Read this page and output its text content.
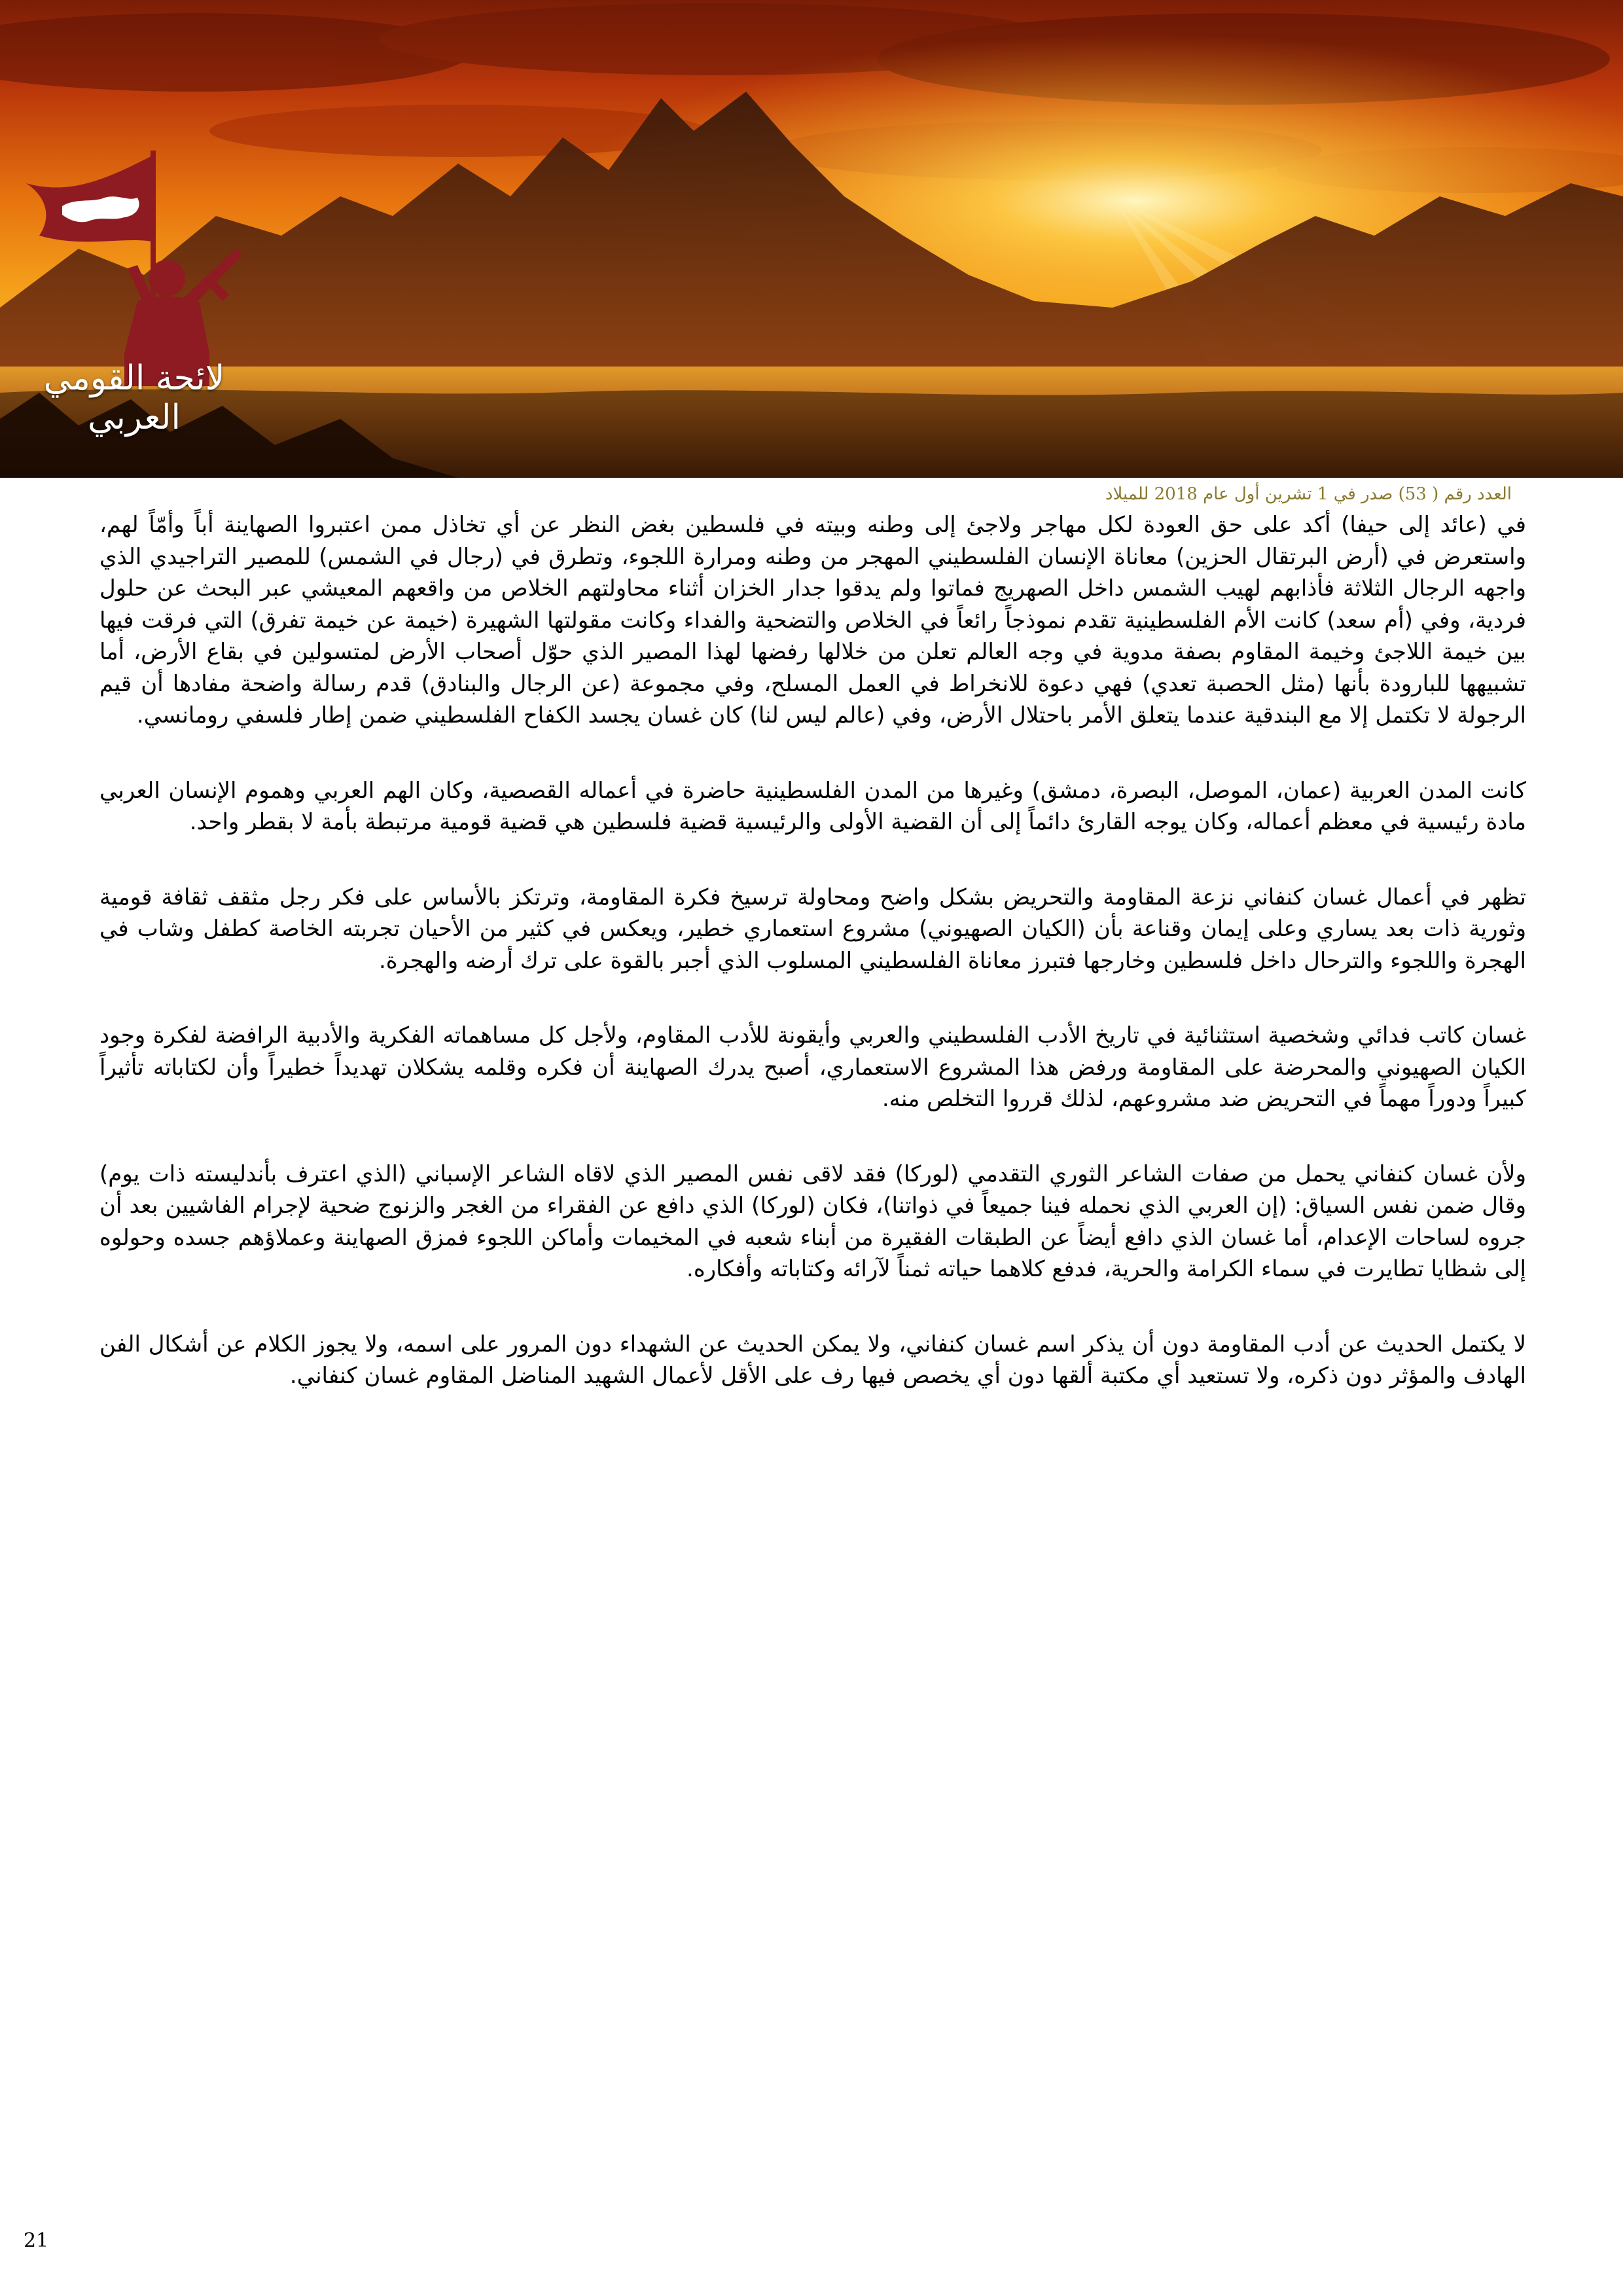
لائحة القومي العربي
العدد رقم ( 53) صدر في 1 تشرين أول عام 2018 للميلاد

في (عائد إلى حيفا) أكد على حق العودة لكل مهاجر ولاجئ إلى وطنه وبيته في فلسطين بغض النظر عن أي تخاذل ممن اعتبروا الصهاينة أباً وأمّاً لهم، واستعرض في (أرض البرتقال الحزين) معاناة الإنسان الفلسطيني المهجر من وطنه ومرارة اللجوء، وتطرق في (رجال في الشمس) للمصير التراجيدي الذي واجهه الرجال الثلاثة فأذابهم لهيب الشمس داخل الصهريج فماتوا ولم يدقوا جدار الخزان أثناء محاولتهم الخلاص من واقعهم المعيشي عبر البحث عن حلول فردية، وفي (أم سعد) كانت الأم الفلسطينية تقدم نموذجاً رائعاً في الخلاص والتضحية والفداء وكانت مقولتها الشهيرة (خيمة عن خيمة تفرق) التي فرقت فيها بين خيمة اللاجئ وخيمة المقاوم بصفة مدوية في وجه العالم تعلن من خلالها رفضها لهذا المصير الذي حوّل أصحاب الأرض لمتسولين في بقاع الأرض، أما تشبيهها للبارودة بأنها (مثل الحصبة تعدي) فهي دعوة للانخراط في العمل المسلح، وفي مجموعة (عن الرجال والبنادق) قدم رسالة واضحة مفادها أن قيم الرجولة لا تكتمل إلا مع البندقية عندما يتعلق الأمر باحتلال الأرض، وفي (عالم ليس لنا) كان غسان يجسد الكفاح الفلسطيني ضمن إطار فلسفي رومانسي.

كانت المدن العربية (عمان، الموصل، البصرة، دمشق) وغيرها من المدن الفلسطينية حاضرة في أعماله القصصية، وكان الهم العربي وهموم الإنسان العربي مادة رئيسية في معظم أعماله، وكان يوجه القارئ دائماً إلى أن القضية الأولى والرئيسية قضية فلسطين هي قضية قومية مرتبطة بأمة لا بقطر واحد.

تظهر في أعمال غسان كنفاني نزعة المقاومة والتحريض بشكل واضح ومحاولة ترسيخ فكرة المقاومة، وترتكز بالأساس على فكر رجل مثقف ثقافة قومية وثورية ذات بعد يساري وعلى إيمان وقناعة بأن (الكيان الصهيوني) مشروع استعماري خطير، ويعكس في كثير من الأحيان تجربته الخاصة كطفل وشاب في الهجرة واللجوء والترحال داخل فلسطين وخارجها فتبرز معاناة الفلسطيني المسلوب الذي أجبر بالقوة على ترك أرضه والهجرة.

غسان كاتب فدائي وشخصية استثنائية في تاريخ الأدب الفلسطيني والعربي وأيقونة للأدب المقاوم، ولأجل كل مساهماته الفكرية والأدبية الرافضة لفكرة وجود الكيان الصهيوني والمحرضة على المقاومة ورفض هذا المشروع الاستعماري، أصبح يدرك الصهاينة أن فكره وقلمه يشكلان تهديداً خطيراً وأن لكتاباته تأثيراً كبيراً ودوراً مهماً في التحريض ضد مشروعهم، لذلك قرروا التخلص منه.

ولأن غسان كنفاني يحمل من صفات الشاعر الثوري التقدمي (لوركا) فقد لاقى نفس المصير الذي لاقاه الشاعر الإسباني (الذي اعترف بأندليسته ذات يوم) وقال ضمن نفس السياق: (إن العربي الذي نحمله فينا جميعاً في ذواتنا)، فكان (لوركا) الذي دافع عن الفقراء من الغجر والزنوج ضحية لإجرام الفاشيين بعد أن جروه لساحات الإعدام، أما غسان الذي دافع أيضاً عن الطبقات الفقيرة من أبناء شعبه في المخيمات وأماكن اللجوء فمزق الصهاينة وعملاؤهم جسده وحولوه إلى شظايا تطايرت في سماء الكرامة والحرية، فدفع كلاهما حياته ثمناً لآرائه وكتاباته وأفكاره.

لا يكتمل الحديث عن أدب المقاومة دون أن يذكر اسم غسان كنفاني، ولا يمكن الحديث عن الشهداء دون المرور على اسمه، ولا يجوز الكلام عن أشكال الفن الهادف والمؤثر دون ذكره، ولا تستعيد أي مكتبة ألقها دون أي يخصص فيها رف على الأقل لأعمال الشهيد المناضل المقاوم غسان كنفاني.

21
